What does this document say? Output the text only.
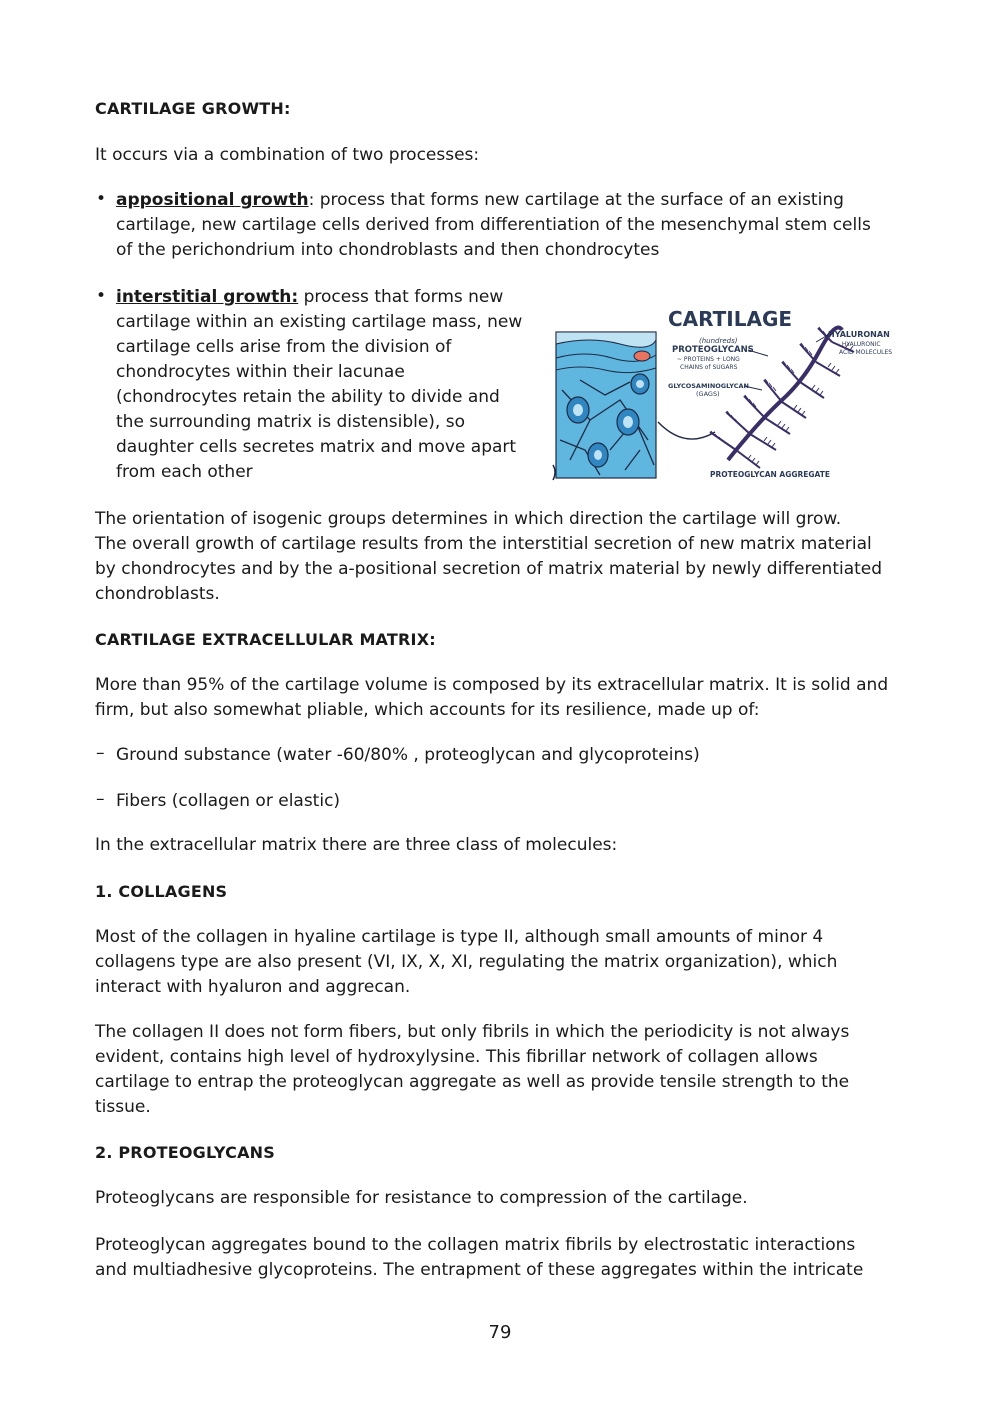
CARTILAGE GROWTH:
It occurs via a combination of two processes:
• appositional growth: process that forms new cartilage at the surface of an existing
cartilage, new cartilage cells derived from differentiation of the mesenchymal stem cells
of the perichondrium into chondroblasts and then chondrocytes
• interstitial growth: process that forms new
cartilage within an existing cartilage mass, new
cartilage cells arise from the division of
chondrocytes within their lacunae
(chondrocytes retain the ability to divide and
the surrounding matrix is distensible), so
daughter cells secretes matrix and move apart
from each other
CARTILAGE
(hundreds)
PROTEOGLYCANS
~ PROTEINS + LONG
CHAINS of SUGARS
GLYCOSAMINOGLYCAN
(GAGS)
HYALURONAN
~ HYALURONIC
ACID MOLECULES
PROTEOGLYCAN AGGREGATE
The orientation of isogenic groups determines in which direction the cartilage will grow.
The overall growth of cartilage results from the interstitial secretion of new matrix material
by chondrocytes and by the a-positional secretion of matrix material by newly differentiated
chondroblasts.
CARTILAGE EXTRACELLULAR MATRIX:
More than 95% of the cartilage volume is composed by its extracellular matrix. It is solid and
firm, but also somewhat pliable, which accounts for its resilience, made up of:
– Ground substance (water -60/80% , proteoglycan and glycoproteins)
– Fibers (collagen or elastic)
In the extracellular matrix there are three class of molecules:
1. COLLAGENS
Most of the collagen in hyaline cartilage is type II, although small amounts of minor 4
collagens type are also present (VI, IX, X, XI, regulating the matrix organization), which
interact with hyaluron and aggrecan.
The collagen II does not form fibers, but only fibrils in which the periodicity is not always
evident, contains high level of hydroxylysine. This fibrillar network of collagen allows
cartilage to entrap the proteoglycan aggregate as well as provide tensile strength to the
tissue.
2. PROTEOGLYCANS
Proteoglycans are responsible for resistance to compression of the cartilage.
Proteoglycan aggregates bound to the collagen matrix fibrils by electrostatic interactions
and multiadhesive glycoproteins. The entrapment of these aggregates within the intricate
79
